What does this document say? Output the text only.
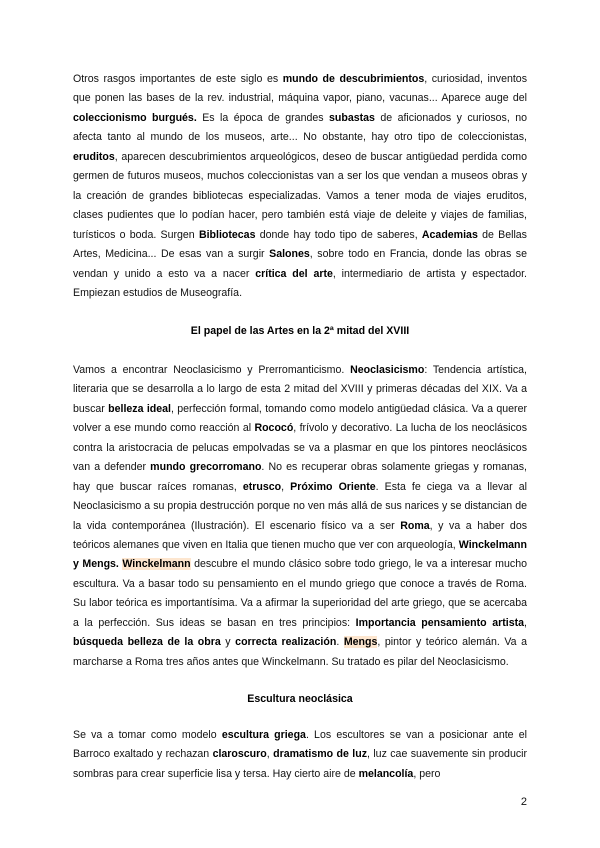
Otros rasgos importantes de este siglo es mundo de descubrimientos, curiosidad, inventos que ponen las bases de la rev. industrial, máquina vapor, piano, vacunas... Aparece auge del coleccionismo burgués. Es la época de grandes subastas de aficionados y curiosos, no afecta tanto al mundo de los museos, arte... No obstante, hay otro tipo de coleccionistas, eruditos, aparecen descubrimientos arqueológicos, deseo de buscar antigüedad perdida como germen de futuros museos, muchos coleccionistas van a ser los que vendan a museos obras y la creación de grandes bibliotecas especializadas. Vamos a tener moda de viajes eruditos, clases pudientes que lo podían hacer, pero también está viaje de deleite y viajes de familias, turísticos o boda. Surgen Bibliotecas donde hay todo tipo de saberes, Academias de Bellas Artes, Medicina... De esas van a surgir Salones, sobre todo en Francia, donde las obras se vendan y unido a esto va a nacer crítica del arte, intermediario de artista y espectador. Empiezan estudios de Museografía.

El papel de las Artes en la 2ª mitad del XVIII

Vamos a encontrar Neoclasicismo y Prerromanticismo. Neoclasicismo: Tendencia artística, literaria que se desarrolla a lo largo de esta 2 mitad del XVIII y primeras décadas del XIX. Va a buscar belleza ideal, perfección formal, tomando como modelo antigüedad clásica. Va a querer volver a ese mundo como reacción al Rococó, frívolo y decorativo. La lucha de los neoclásicos contra la aristocracia de pelucas empolvadas se va a plasmar en que los pintores neoclásicos van a defender mundo grecorromano. No es recuperar obras solamente griegas y romanas, hay que buscar raíces romanas, etrusco, Próximo Oriente. Esta fe ciega va a llevar al Neoclasicismo a su propia destrucción porque no ven más allá de sus narices y se distancian de la vida contemporánea (Ilustración). El escenario físico va a ser Roma, y va a haber dos teóricos alemanes que viven en Italia que tienen mucho que ver con arqueología, Winckelmann y Mengs. Winckelmann descubre el mundo clásico sobre todo griego, le va a interesar mucho escultura. Va a basar todo su pensamiento en el mundo griego que conoce a través de Roma. Su labor teórica es importantísima. Va a afirmar la superioridad del arte griego, que se acercaba a la perfección. Sus ideas se basan en tres principios: Importancia pensamiento artista, búsqueda belleza de la obra y correcta realización. Mengs, pintor y teórico alemán. Va a marcharse a Roma tres años antes que Winckelmann. Su tratado es pilar del Neoclasicismo.

Escultura neoclásica

Se va a tomar como modelo escultura griega. Los escultores se van a posicionar ante el Barroco exaltado y rechazan claroscuro, dramatismo de luz, luz cae suavemente sin producir sombras para crear superficie lisa y tersa. Hay cierto aire de melancolía, pero

2
